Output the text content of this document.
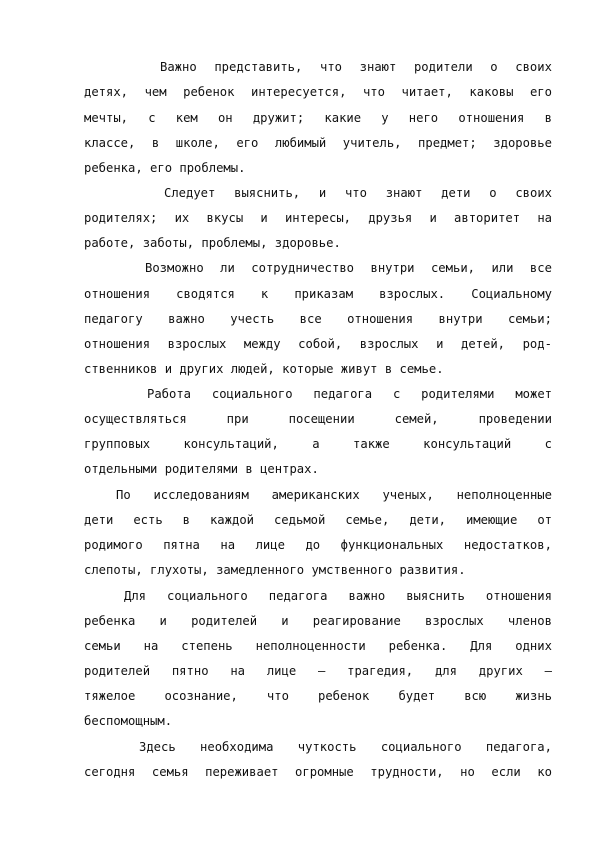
Важно представить, что знают родители о своих
детях, чем ребенок интересуется, что читает, каковы его
мечты, с кем он дружит; какие у него отношения в
классе, в школе, его любимый учитель, предмет; здоровье
ребенка, его проблемы.
Следует выяснить, и что знают дети о своих
родителях; их вкусы и интересы, друзья и авторитет на
работе, заботы, проблемы, здоровье.
Возможно ли сотрудничество внутри семьи, или все
отношения сводятся к приказам взрослых. Социальному
педагогу важно учесть все отношения внутри семьи;
отношения взрослых между собой, взрослых и детей, род-
ственников и других людей, которые живут в семье.
Работа социального педагога с родителями может
осуществляться	при	посещении	семей,	проведении
групповых	консультаций,	а	также	консультаций	с
отдельными родителями в центрах.
По исследованиям американских ученых, неполноценные
дети есть в каждой седьмой семье, дети, имеющие от
родимого пятна на лице до функциональных недостатков,
слепоты, глухоты, замедленного умственного развития.
Для социального педагога важно выяснить отношения
ребенка и родителей и реагирование взрослых членов
семьи на степень неполноценности ребенка. Для одних
родителей пятно на лице — трагедия, для других —
тяжелое осознание, что ребенок будет всю жизнь
беспомощным.
Здесь необходима чуткость социального педагога,
сегодня семья переживает огромные трудности, но если ко
